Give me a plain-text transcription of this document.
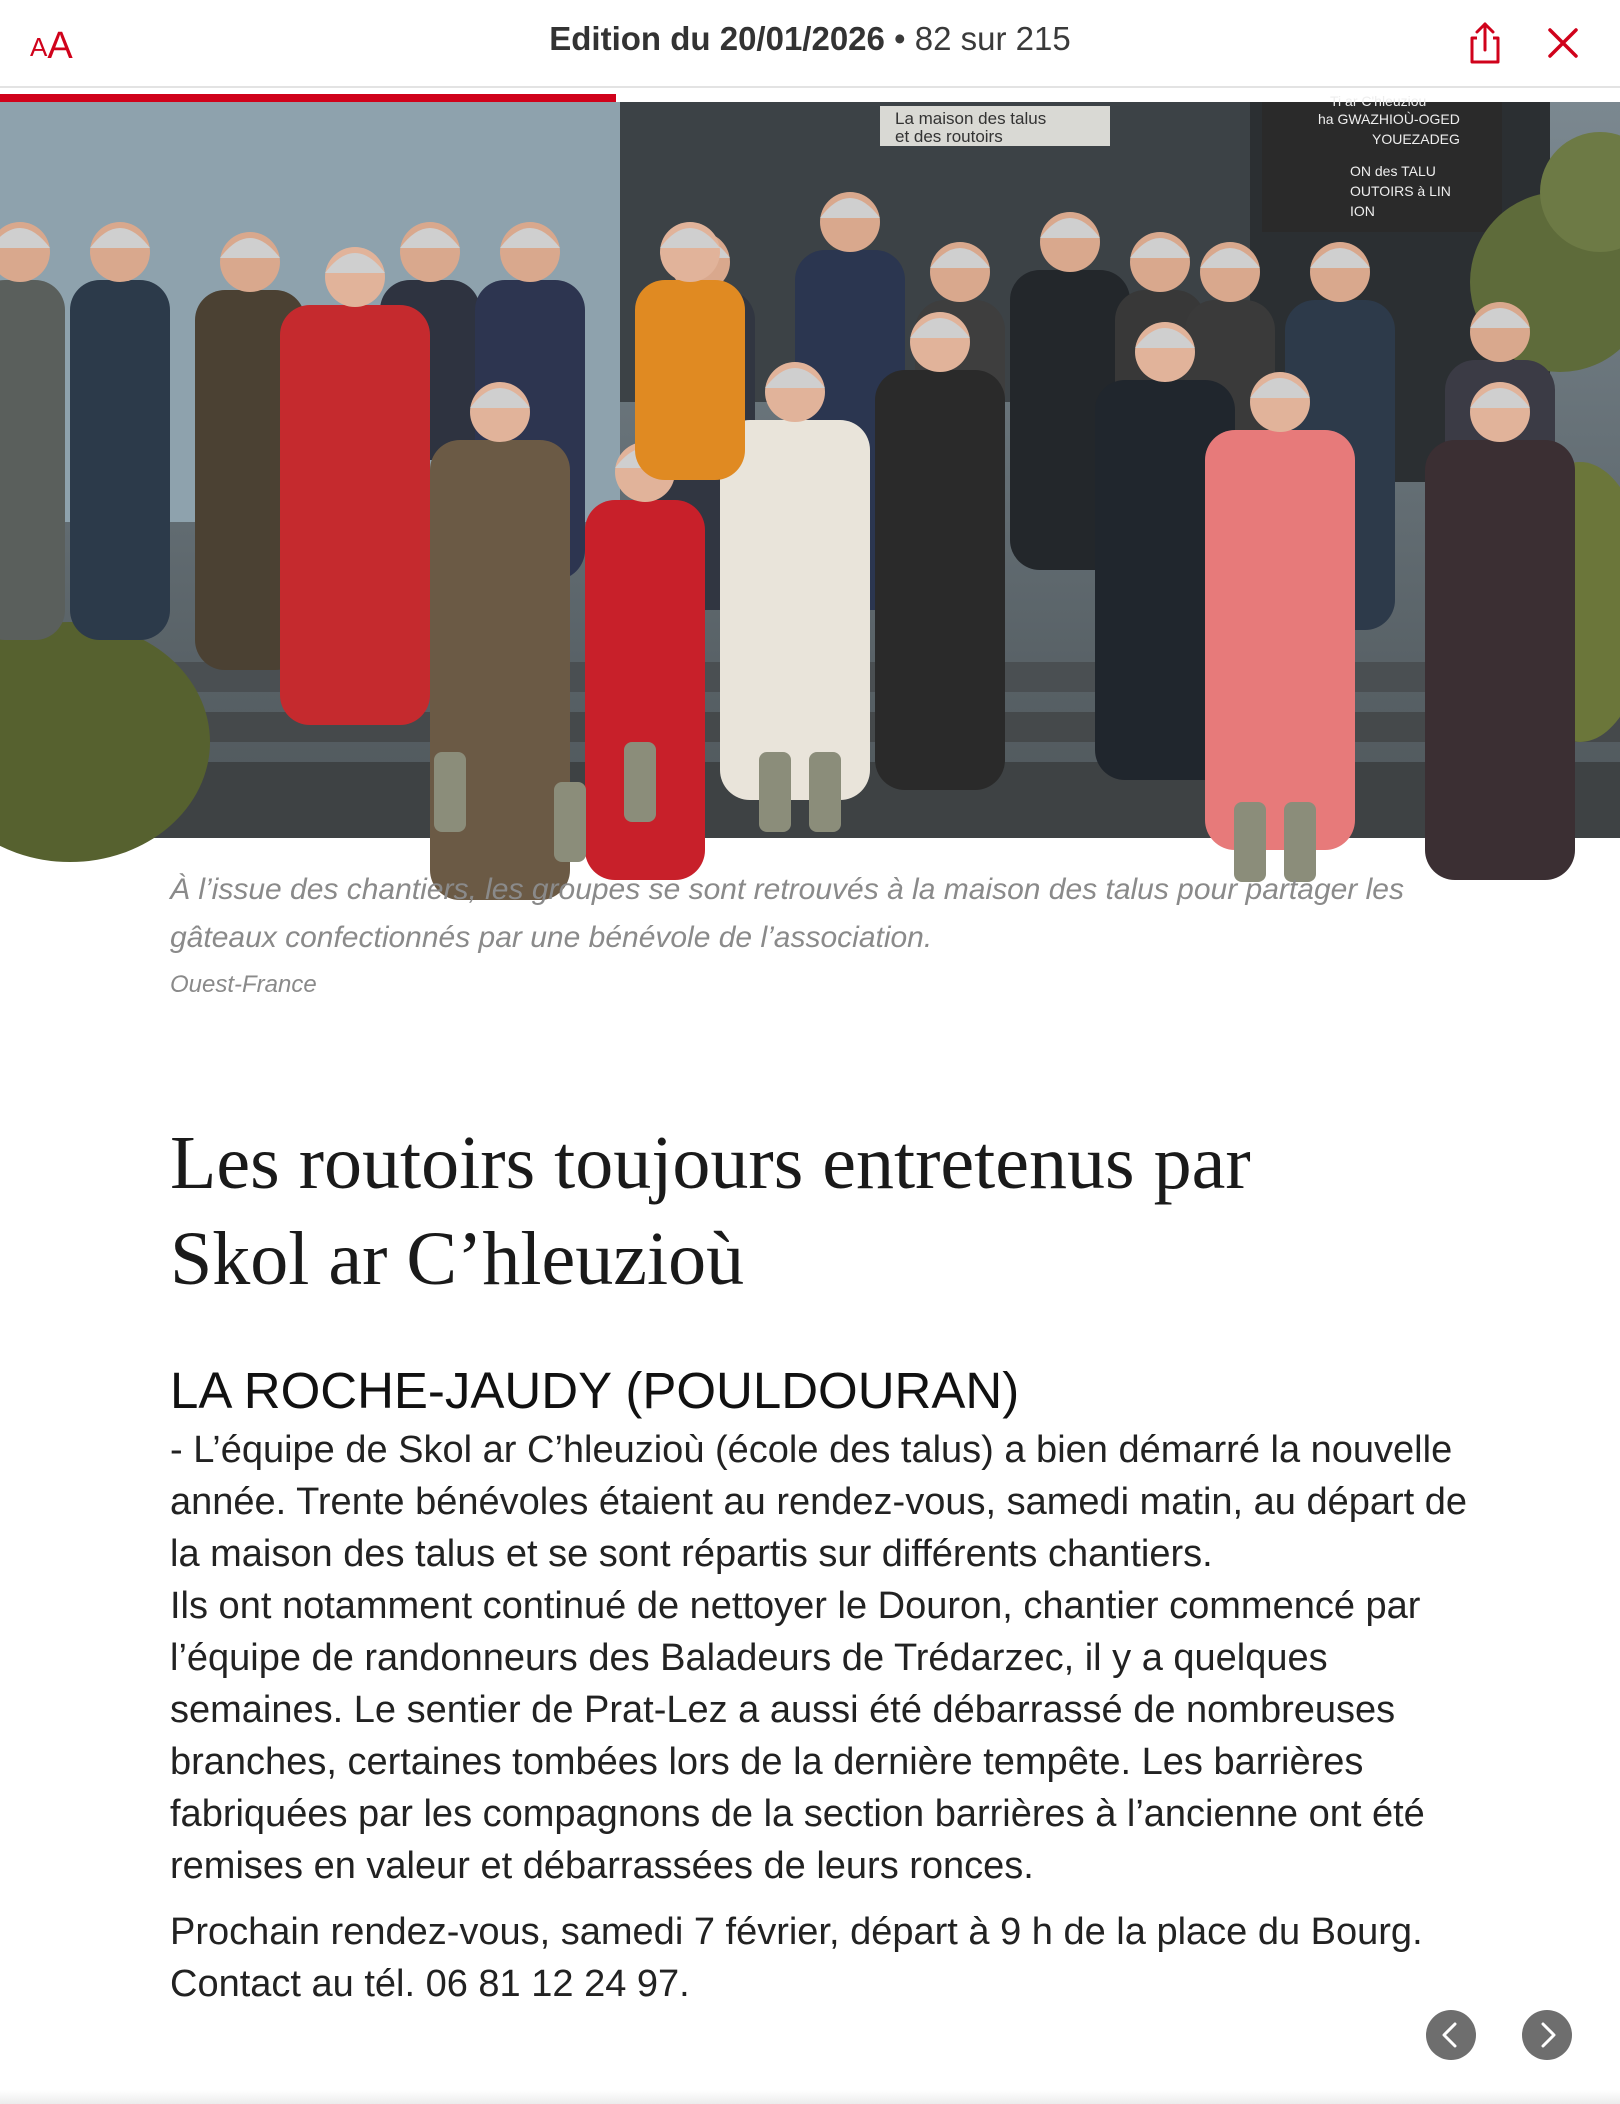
A A	Edition du 20/01/2026 • 82 sur 215
La maison des talus
et des routoirs
Ti ar C'hleuziou
ha GWAZHIOÙ-OGED
YOUEZADEG
ON des TALU
OUTOIRS à LIN
ION
À l’issue des chantiers, les groupes se sont retrouvés à la maison des talus pour partager les gâteaux confectionnés par une bénévole de l’association.
Ouest-France
Les routoirs toujours entretenus par
Skol ar C’hleuzioù
LA ROCHE-JAUDY (POULDOURAN)

- L’équipe de Skol ar C’hleuzioù (école des talus) a bien démarré la nouvelle année. Trente bénévoles étaient au rendez-vous, samedi matin, au départ de la maison des talus et se sont répartis sur différents chantiers.

Ils ont notamment continué de nettoyer le Douron, chantier commencé par l’équipe de randonneurs des Baladeurs de Trédarzec, il y a quelques semaines. Le sentier de Prat-Lez a aussi été débarrassé de nombreuses branches, certaines tombées lors de la dernière tempête. Les barrières fabriquées par les compagnons de la section barrières à l’ancienne ont été remises en valeur et débarrassées de leurs ronces.

Prochain rendez-vous, samedi 7 février, départ à 9 h de la place du Bourg. Contact au tél. 06 81 12 24 97.
